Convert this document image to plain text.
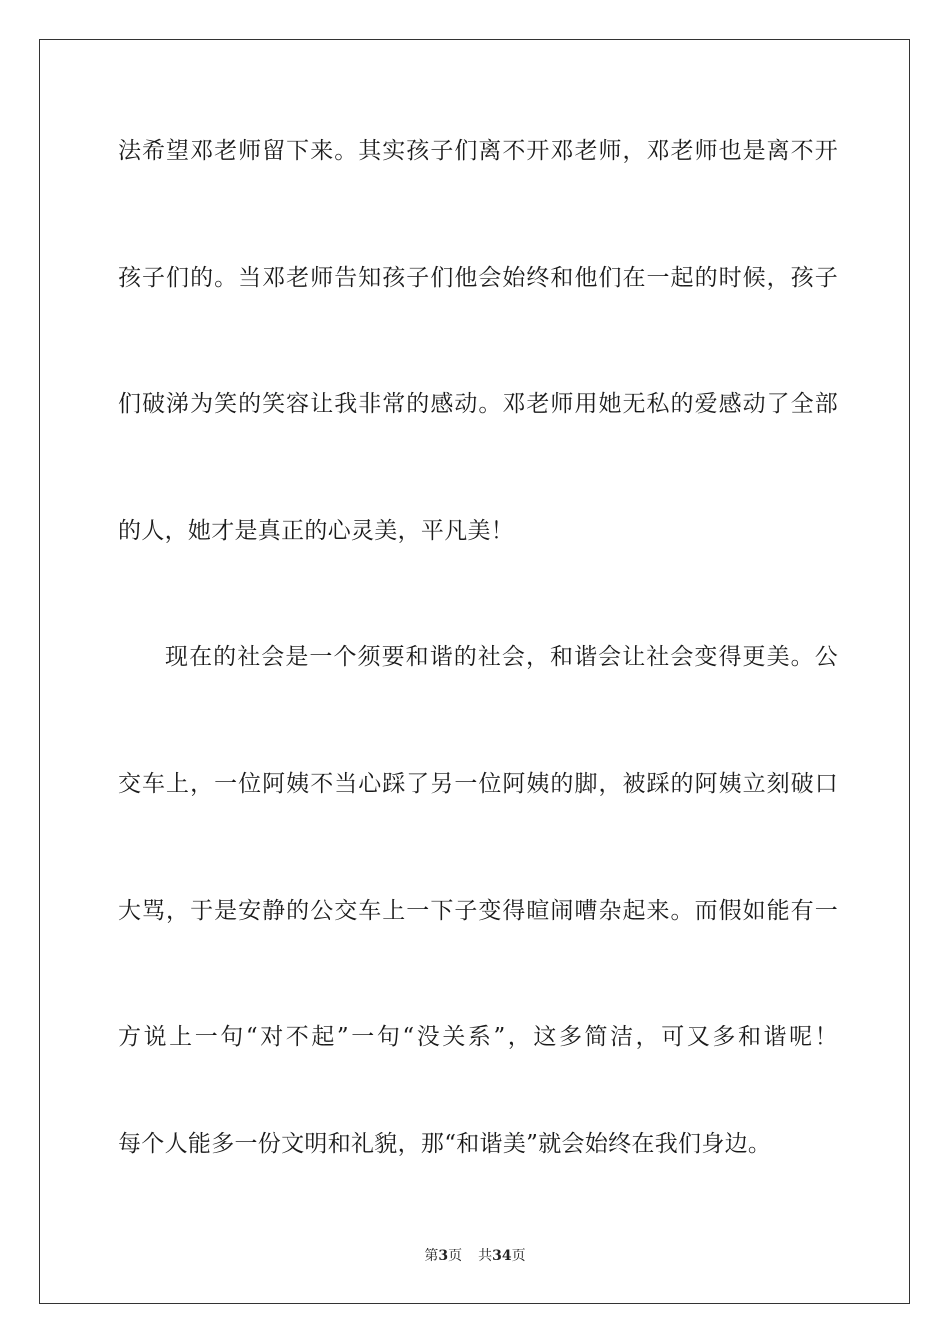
法希望邓老师留下来。其实孩子们离不开邓老师，邓老师也是离不开
孩子们的。当邓老师告知孩子们他会始终和他们在一起的时候，孩子
们破涕为笑的笑容让我非常的感动。邓老师用她无私的爱感动了全部
的人，她才是真正的心灵美，平凡美！
现在的社会是一个须要和谐的社会，和谐会让社会变得更美。公
交车上，一位阿姨不当心踩了另一位阿姨的脚，被踩的阿姨立刻破口
大骂，于是安静的公交车上一下子变得暄闹嘈杂起来。而假如能有一
方说上一句“对不起”一句“没关系”，这多简洁，可又多和谐呢！
每个人能多一份文明和礼貌，那“和谐美”就会始终在我们身边。
第3页 共34页
